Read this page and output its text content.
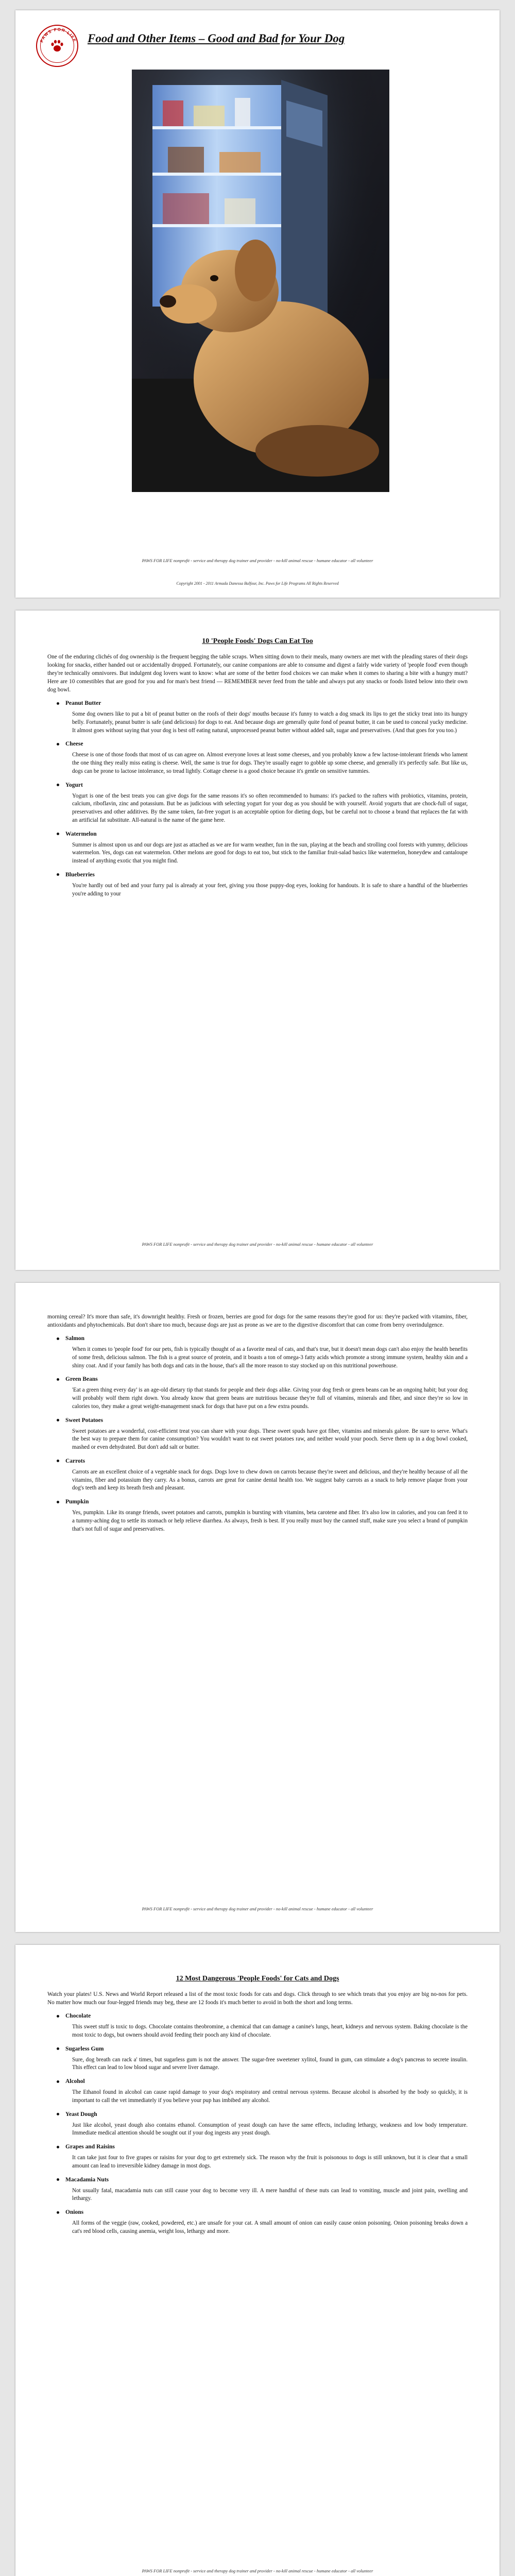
PAWS FOR LIFE Food and Other Items – Good and Bad for Your Dog
PAWS FOR LIFE nonprofit - service and therapy dog trainer and provider - no-kill animal rescue - humane educator - all volunteer
Copyright 2001 - 2011 Armada Danessa Balfour, Inc. Paws for Life Programs All Rights Reserved
10 'People Foods' Dogs Can Eat Too

One of the enduring clichés of dog ownership is the frequent begging the table scraps. When sitting down to their meals, many owners are met with the pleading stares of their dogs looking for snacks, either handed out or accidentally dropped. Fortunately, our canine companions are able to consume and digest a fairly wide variety of 'people food' even though they're technically omnivores. But indulgent dog lovers want to know: what are some of the better food choices we can make when it comes to sharing a bite with a hungry mutt? Here are 10 comestibles that are good for you and for man's best friend — REMEMBER never feed from the table and always put any snacks or foods listed below into their own dog bowl.

Peanut Butter

Some dog owners like to put a bit of peanut butter on the roofs of their dogs' mouths because it's funny to watch a dog smack its lips to get the sticky treat into its hungry belly. Fortunately, peanut butter is safe (and delicious) for dogs to eat. And because dogs are generally quite fond of peanut butter, it can be used to conceal yucky medicine. It almost goes without saying that your dog is best off eating natural, unprocessed peanut butter without added salt, sugar and preservatives. (And that goes for you too.)

Cheese

Cheese is one of those foods that most of us can agree on. Almost everyone loves at least some cheeses, and you probably know a few lactose-intolerant friends who lament the one thing they really miss eating is cheese. Well, the same is true for dogs. They're usually eager to gobble up some cheese, and generally it's perfectly safe. But like us, dogs can be prone to lactose intolerance, so tread lightly. Cottage cheese is a good choice because it's gentle on sensitive tummies.

Yogurt

Yogurt is one of the best treats you can give dogs for the same reasons it's so often recommended to humans: it's packed to the rafters with probiotics, vitamins, protein, calcium, riboflavin, zinc and potassium. But be as judicious with selecting yogurt for your dog as you should be with yourself. Avoid yogurts that are chock-full of sugar, preservatives and other additives. By the same token, fat-free yogurt is an acceptable option for dieting dogs, but be careful not to choose a brand that replaces the fat with an artificial fat substitute. All-natural is the name of the game here.

Watermelon

Summer is almost upon us and our dogs are just as attached as we are for warm weather, fun in the sun, playing at the beach and strolling cool forests with yummy, delicious watermelon. Yes, dogs can eat watermelon. Other melons are good for dogs to eat too, but stick to the familiar fruit-salad basics like watermelon, honeydew and cantaloupe instead of anything exotic that you might find.

Blueberries

You're hardly out of bed and your furry pal is already at your feet, giving you those puppy-dog eyes, looking for handouts. It is safe to share a handful of the blueberries you're adding to your

PAWS FOR LIFE nonprofit - service and therapy dog trainer and provider - no-kill animal rescue - humane educator - all volunteer

morning cereal? It's more than safe, it's downright healthy. Fresh or frozen, berries are good for dogs for the same reasons they're good for us: they're packed with vitamins, fiber, antioxidants and phytochemicals. But don't share too much, because dogs are just as prone as we are to the digestive discomfort that can come from berry overindulgence.

Salmon

When it comes to 'people food' for our pets, fish is typically thought of as a favorite meal of cats, and that's true, but it doesn't mean dogs can't also enjoy the health benefits of some fresh, delicious salmon. The fish is a great source of protein, and it boasts a ton of omega-3 fatty acids which promote a strong immune system, healthy skin and a shiny coat. And if your family has both dogs and cats in the house, that's all the more reason to stay stocked up on this nutritional powerhouse.

Green Beans

'Eat a green thing every day' is an age-old dietary tip that stands for people and their dogs alike. Giving your dog fresh or green beans can be an ongoing habit; but your dog will probably wolf them right down. You already know that green beans are nutritious because they're full of vitamins, minerals and fiber, and since they're so low in calories too, they make a great weight-management snack for dogs that have put on a few extra pounds.

Sweet Potatoes

Sweet potatoes are a wonderful, cost-efficient treat you can share with your dogs. These sweet spuds have got fiber, vitamins and minerals galore. Be sure to serve. What's the best way to prepare them for canine consumption? You wouldn't want to eat sweet potatoes raw, and neither would your pooch. Serve them up in a dog bowl cooked, mashed or even dehydrated. But don't add salt or butter.

Carrots

Carrots are an excellent choice of a vegetable snack for dogs. Dogs love to chew down on carrots because they're sweet and delicious, and they're healthy because of all the vitamins, fiber and potassium they carry. As a bonus, carrots are great for canine dental health too. We suggest baby carrots as a snack to help remove plaque from your dog's teeth and keep its breath fresh and pleasant.

Pumpkin

Yes, pumpkin. Like its orange friends, sweet potatoes and carrots, pumpkin is bursting with vitamins, beta carotene and fiber. It's also low in calories, and you can feed it to a tummy-aching dog to settle its stomach or help relieve diarrhea. As always, fresh is best. If you really must buy the canned stuff, make sure you select a brand of pumpkin that's not full of sugar and preservatives.

PAWS FOR LIFE nonprofit - service and therapy dog trainer and provider - no-kill animal rescue - humane educator - all volunteer
12 Most Dangerous 'People Foods' for Cats and Dogs

Watch your plates! U.S. News and World Report released a list of the most toxic foods for cats and dogs. Click through to see which treats that you enjoy are big no-nos for pets. No matter how much our four-legged friends may beg, these are 12 foods it's much better to avoid in both the short and long terms.

Chocolate

This sweet stuff is toxic to dogs. Chocolate contains theobromine, a chemical that can damage a canine's lungs, heart, kidneys and nervous system. Baking chocolate is the most toxic to dogs, but owners should avoid feeding their pooch any kind of chocolate.

Sugarless Gum

Sure, dog breath can rack a' times, but sugarless gum is not the answer. The sugar-free sweetener xylitol, found in gum, can stimulate a dog's pancreas to secrete insulin. This effect can lead to low blood sugar and severe liver damage.

Alcohol

The Ethanol found in alcohol can cause rapid damage to your dog's respiratory and central nervous systems. Because alcohol is absorbed by the body so quickly, it is important to call the vet immediately if you believe your pup has imbibed any alcohol.

Yeast Dough

Just like alcohol, yeast dough also contains ethanol. Consumption of yeast dough can have the same effects, including lethargy, weakness and low body temperature. Immediate medical attention should be sought out if your dog ingests any yeast dough.

Grapes and Raisins

It can take just four to five grapes or raisins for your dog to get extremely sick. The reason why the fruit is poisonous to dogs is still unknown, but it is clear that a small amount can lead to irreversible kidney damage in most dogs.

Macadamia Nuts

Not usually fatal, macadamia nuts can still cause your dog to become very ill. A mere handful of these nuts can lead to vomiting, muscle and joint pain, swelling and lethargy.

Onions

All forms of the veggie (raw, cooked, powdered, etc.) are unsafe for your cat. A small amount of onion can easily cause onion poisoning. Onion poisoning breaks down a cat's red blood cells, causing anemia, weight loss, lethargy and more.

PAWS FOR LIFE nonprofit - service and therapy dog trainer and provider - no-kill animal rescue - humane educator - all volunteer
